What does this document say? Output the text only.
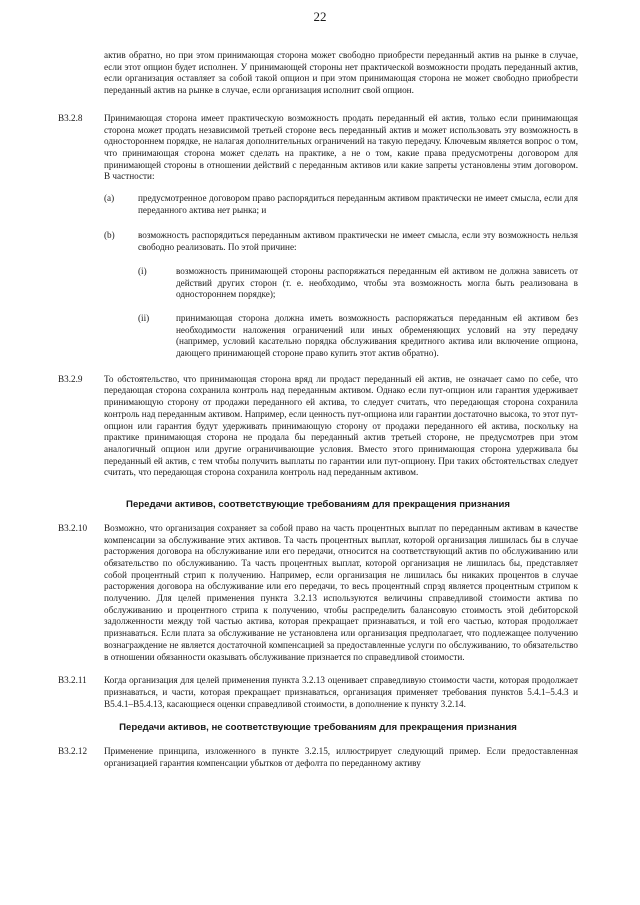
22

актив обратно, но при этом принимающая сторона может свободно приобрести переданный актив на рынке в случае, если этот опцион будет исполнен. У принимающей стороны нет практической возможности продать переданный актив, если организация оставляет за собой такой опцион и при этом принимающая сторона не может свободно приобрести переданный актив на рынке в случае, если организация исполнит свой опцион.

B3.2.8	Принимающая сторона имеет практическую возможность продать переданный ей актив, только если принимающая сторона может продать независимой третьей стороне весь переданный актив и может использовать эту возможность в одностороннем порядке, не налагая дополнительных ограничений на такую передачу. Ключевым является вопрос о том, что принимающая сторона может сделать на практике, а не о том, какие права предусмотрены договором для принимающей стороны в отношении действий с переданным активов или какие запреты установлены этим договором. В частности:
(a)	предусмотренное договором право распорядиться переданным активом практически не имеет смысла, если для переданного актива нет рынка; и
(b)	возможность распорядиться переданным активом практически не имеет смысла, если эту возможность нельзя свободно реализовать. По этой причине:
(i)	возможность принимающей стороны распоряжаться переданным ей активом не должна зависеть от действий других сторон (т. е. необходимо, чтобы эта возможность могла быть реализована в одностороннем порядке);
(ii)	принимающая сторона должна иметь возможность распоряжаться переданным ей активом без необходимости наложения ограничений или иных обременяющих условий на эту передачу (например, условий касательно порядка обслуживания кредитного актива или включение опциона, дающего принимающей стороне право купить этот актив обратно).
B3.2.9	То обстоятельство, что принимающая сторона вряд ли продаст переданный ей актив, не означает само по себе, что передающая сторона сохранила контроль над переданным активом. Однако если пут-опцион или гарантия удерживает принимающую сторону от продажи переданного ей актива, то следует считать, что передающая сторона сохранила контроль над переданным активом. Например, если ценность пут-опциона или гарантии достаточно высока, то этот пут-опцион или гарантия будут удерживать принимающую сторону от продажи переданного ей актива, поскольку на практике принимающая сторона не продала бы переданный актив третьей стороне, не предусмотрев при этом аналогичный опцион или другие ограничивающие условия. Вместо этого принимающая сторона удерживала бы переданный ей актив, с тем чтобы получить выплаты по гарантии или пут-опциону. При таких обстоятельствах следует считать, что передающая сторона сохранила контроль над переданным активом.
Передачи активов, соответствующие требованиям для прекращения признания
B3.2.10	Возможно, что организация сохраняет за собой право на часть процентных выплат по переданным активам в качестве компенсации за обслуживание этих активов. Та часть процентных выплат, которой организация лишилась бы в случае расторжения договора на обслуживание или его передачи, относится на соответствующий актив по обслуживанию или обязательство по обслуживанию. Та часть процентных выплат, которой организация не лишилась бы, представляет собой процентный стрип к получению. Например, если организация не лишилась бы никаких процентов в случае расторжения договора на обслуживание или его передачи, то весь процентный спрэд является процентным стрипом к получению. Для целей применения пункта 3.2.13 используются величины справедливой стоимости актива по обслуживанию и процентного стрипа к получению, чтобы распределить балансовую стоимость этой дебиторской задолженности между той частью актива, которая прекращает признаваться, и той его частью, которая продолжает признаваться. Если плата за обслуживание не установлена или организация предполагает, что подлежащее получению вознаграждение не является достаточной компенсацией за предоставленные услуги по обслуживанию, то обязательство в отношении обязанности оказывать обслуживание признается по справедливой стоимости.
B3.2.11	Когда организация для целей применения пункта 3.2.13 оценивает справедливую стоимости части, которая продолжает признаваться, и части, которая прекращает признаваться, организация применяет требования пунктов 5.4.1–5.4.3 и B5.4.1–B5.4.13, касающиеся оценки справедливой стоимости, в дополнение к пункту 3.2.14.
Передачи активов, не соответствующие требованиям для прекращения признания
B3.2.12	Применение принципа, изложенного в пункте 3.2.15, иллюстрирует следующий пример. Если предоставленная организацией гарантия компенсации убытков от дефолта по переданному активу
